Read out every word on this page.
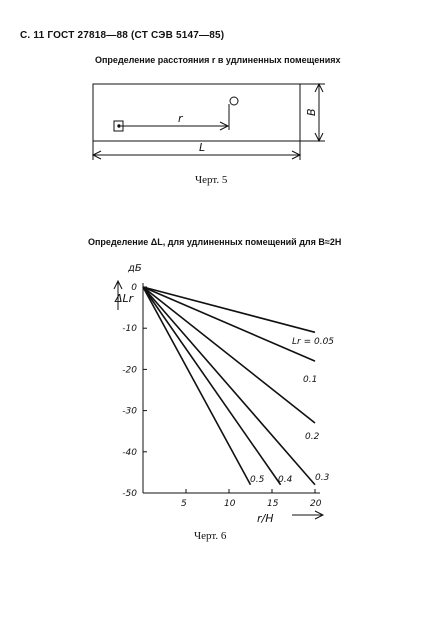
С. 11 ГОСТ 27818—88 (СТ СЭВ 5147—85)
Определение расстояния r в удлиненных помещениях
r	B
L
Черт. 5
Определение ΔL, для удлиненных помещений для B≈2H
5	10	15	20
0
-10
-20
-30
-40
-50
Lr = 0.05
0.1
0.2
0.3
0.4
0.5
дБ
ΔLr
r/H
Черт. 6
